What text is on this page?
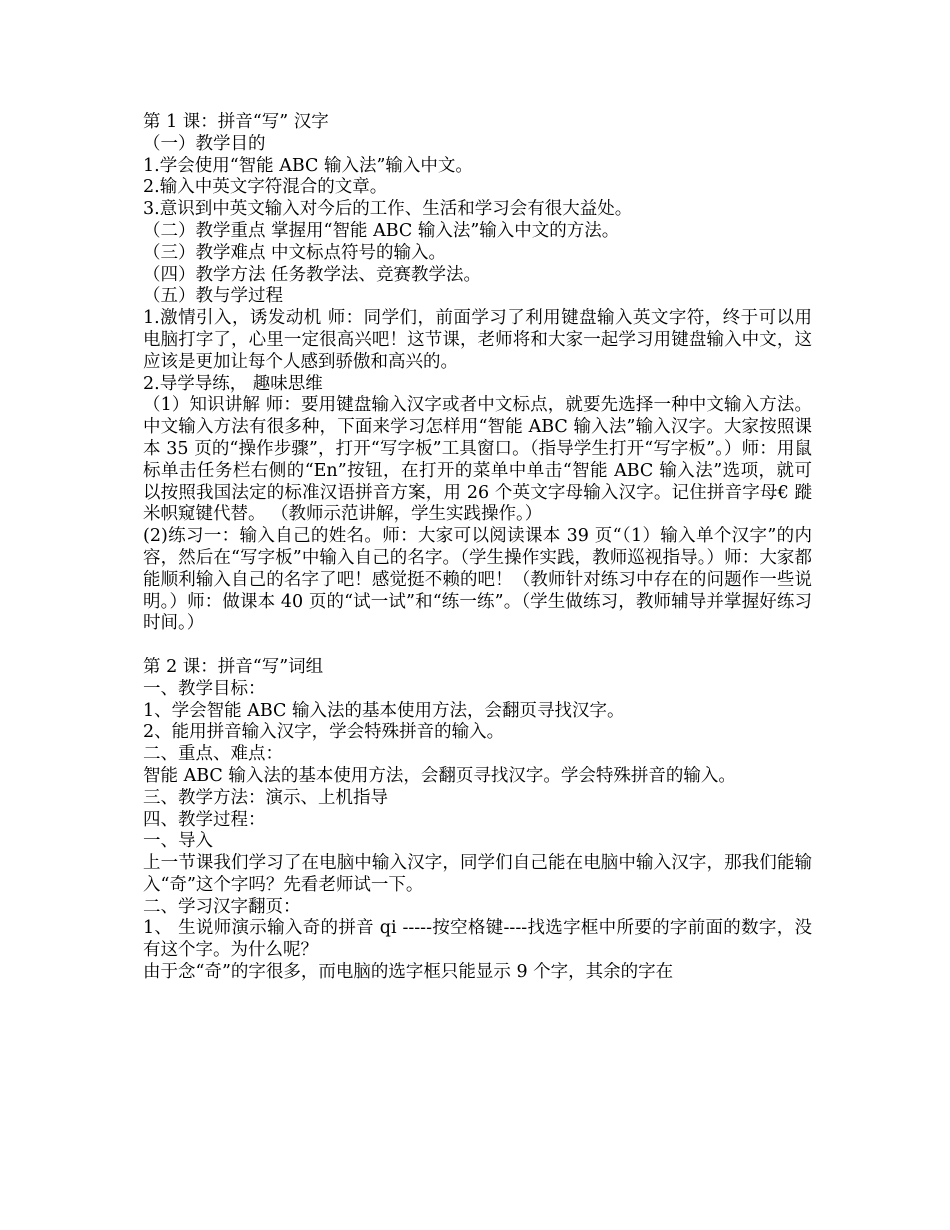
第 1 课：拼音“写” 汉字

（一）教学目的

1.学会使用“智能 ABC 输入法”输入中文。

2.输入中英文字符混合的文章。

3.意识到中英文输入对今后的工作、生活和学习会有很大益处。

（二）教学重点 掌握用“智能 ABC 输入法”输入中文的方法。

（三）教学难点 中文标点符号的输入。

（四）教学方法 任务教学法、竞赛教学法。

（五）教与学过程

1.激情引入，诱发动机 师：同学们，前面学习了利用键盘输入英文字符，终于可以用电脑打字了，心里一定很高兴吧！这节课，老师将和大家一起学习用键盘输入中文，这应该是更加让每个人感到骄傲和高兴的。

2.导学导练， 趣味思维

（1）知识讲解 师：要用键盘输入汉字或者中文标点，就要先选择一种中文输入方法。中文输入方法有很多种，下面来学习怎样用“智能 ABC 输入法”输入汉字。大家按照课本 35 页的“操作步骤”，打开“写字板”工具窗口。（指导学生打开“写字板”。）师：用鼠标单击任务栏右侧的“En”按钮，在打开的菜单中单击“智能 ABC 输入法”选项，就可以按照我国法定的标准汉语拼音方案，用 26 个英文字母输入汉字。记住拼音字母€ 蹝米帜窥键代替。 （教师示范讲解，学生实践操作。）

(2)练习一：输入自己的姓名。师：大家可以阅读课本 39 页“（1）输入单个汉字”的内容，然后在“写字板”中输入自己的名字。（学生操作实践，教师巡视指导。）师：大家都能顺利输入自己的名字了吧！感觉挺不赖的吧！（教师针对练习中存在的问题作一些说明。）师：做课本 40 页的“试一试”和“练一练”。（学生做练习，教师辅导并掌握好练习时间。）

第 2 课：拼音“写”词组

一、教学目标：

1、学会智能 ABC 输入法的基本使用方法，会翻页寻找汉字。

2、能用拼音输入汉字，学会特殊拼音的输入。

二、重点、难点：

智能 ABC 输入法的基本使用方法，会翻页寻找汉字。学会特殊拼音的输入。

三、教学方法：演示、上机指导

四、教学过程：

一、导入

上一节课我们学习了在电脑中输入汉字，同学们自己能在电脑中输入汉字，那我们能输入“奇”这个字吗？先看老师试一下。

二、学习汉字翻页：

1、 生说师演示输入奇的拼音 qi -----按空格键----找选字框中所要的字前面的数字，没有这个字。为什么呢？

由于念“奇”的字很多，而电脑的选字框只能显示 9 个字，其余的字在
